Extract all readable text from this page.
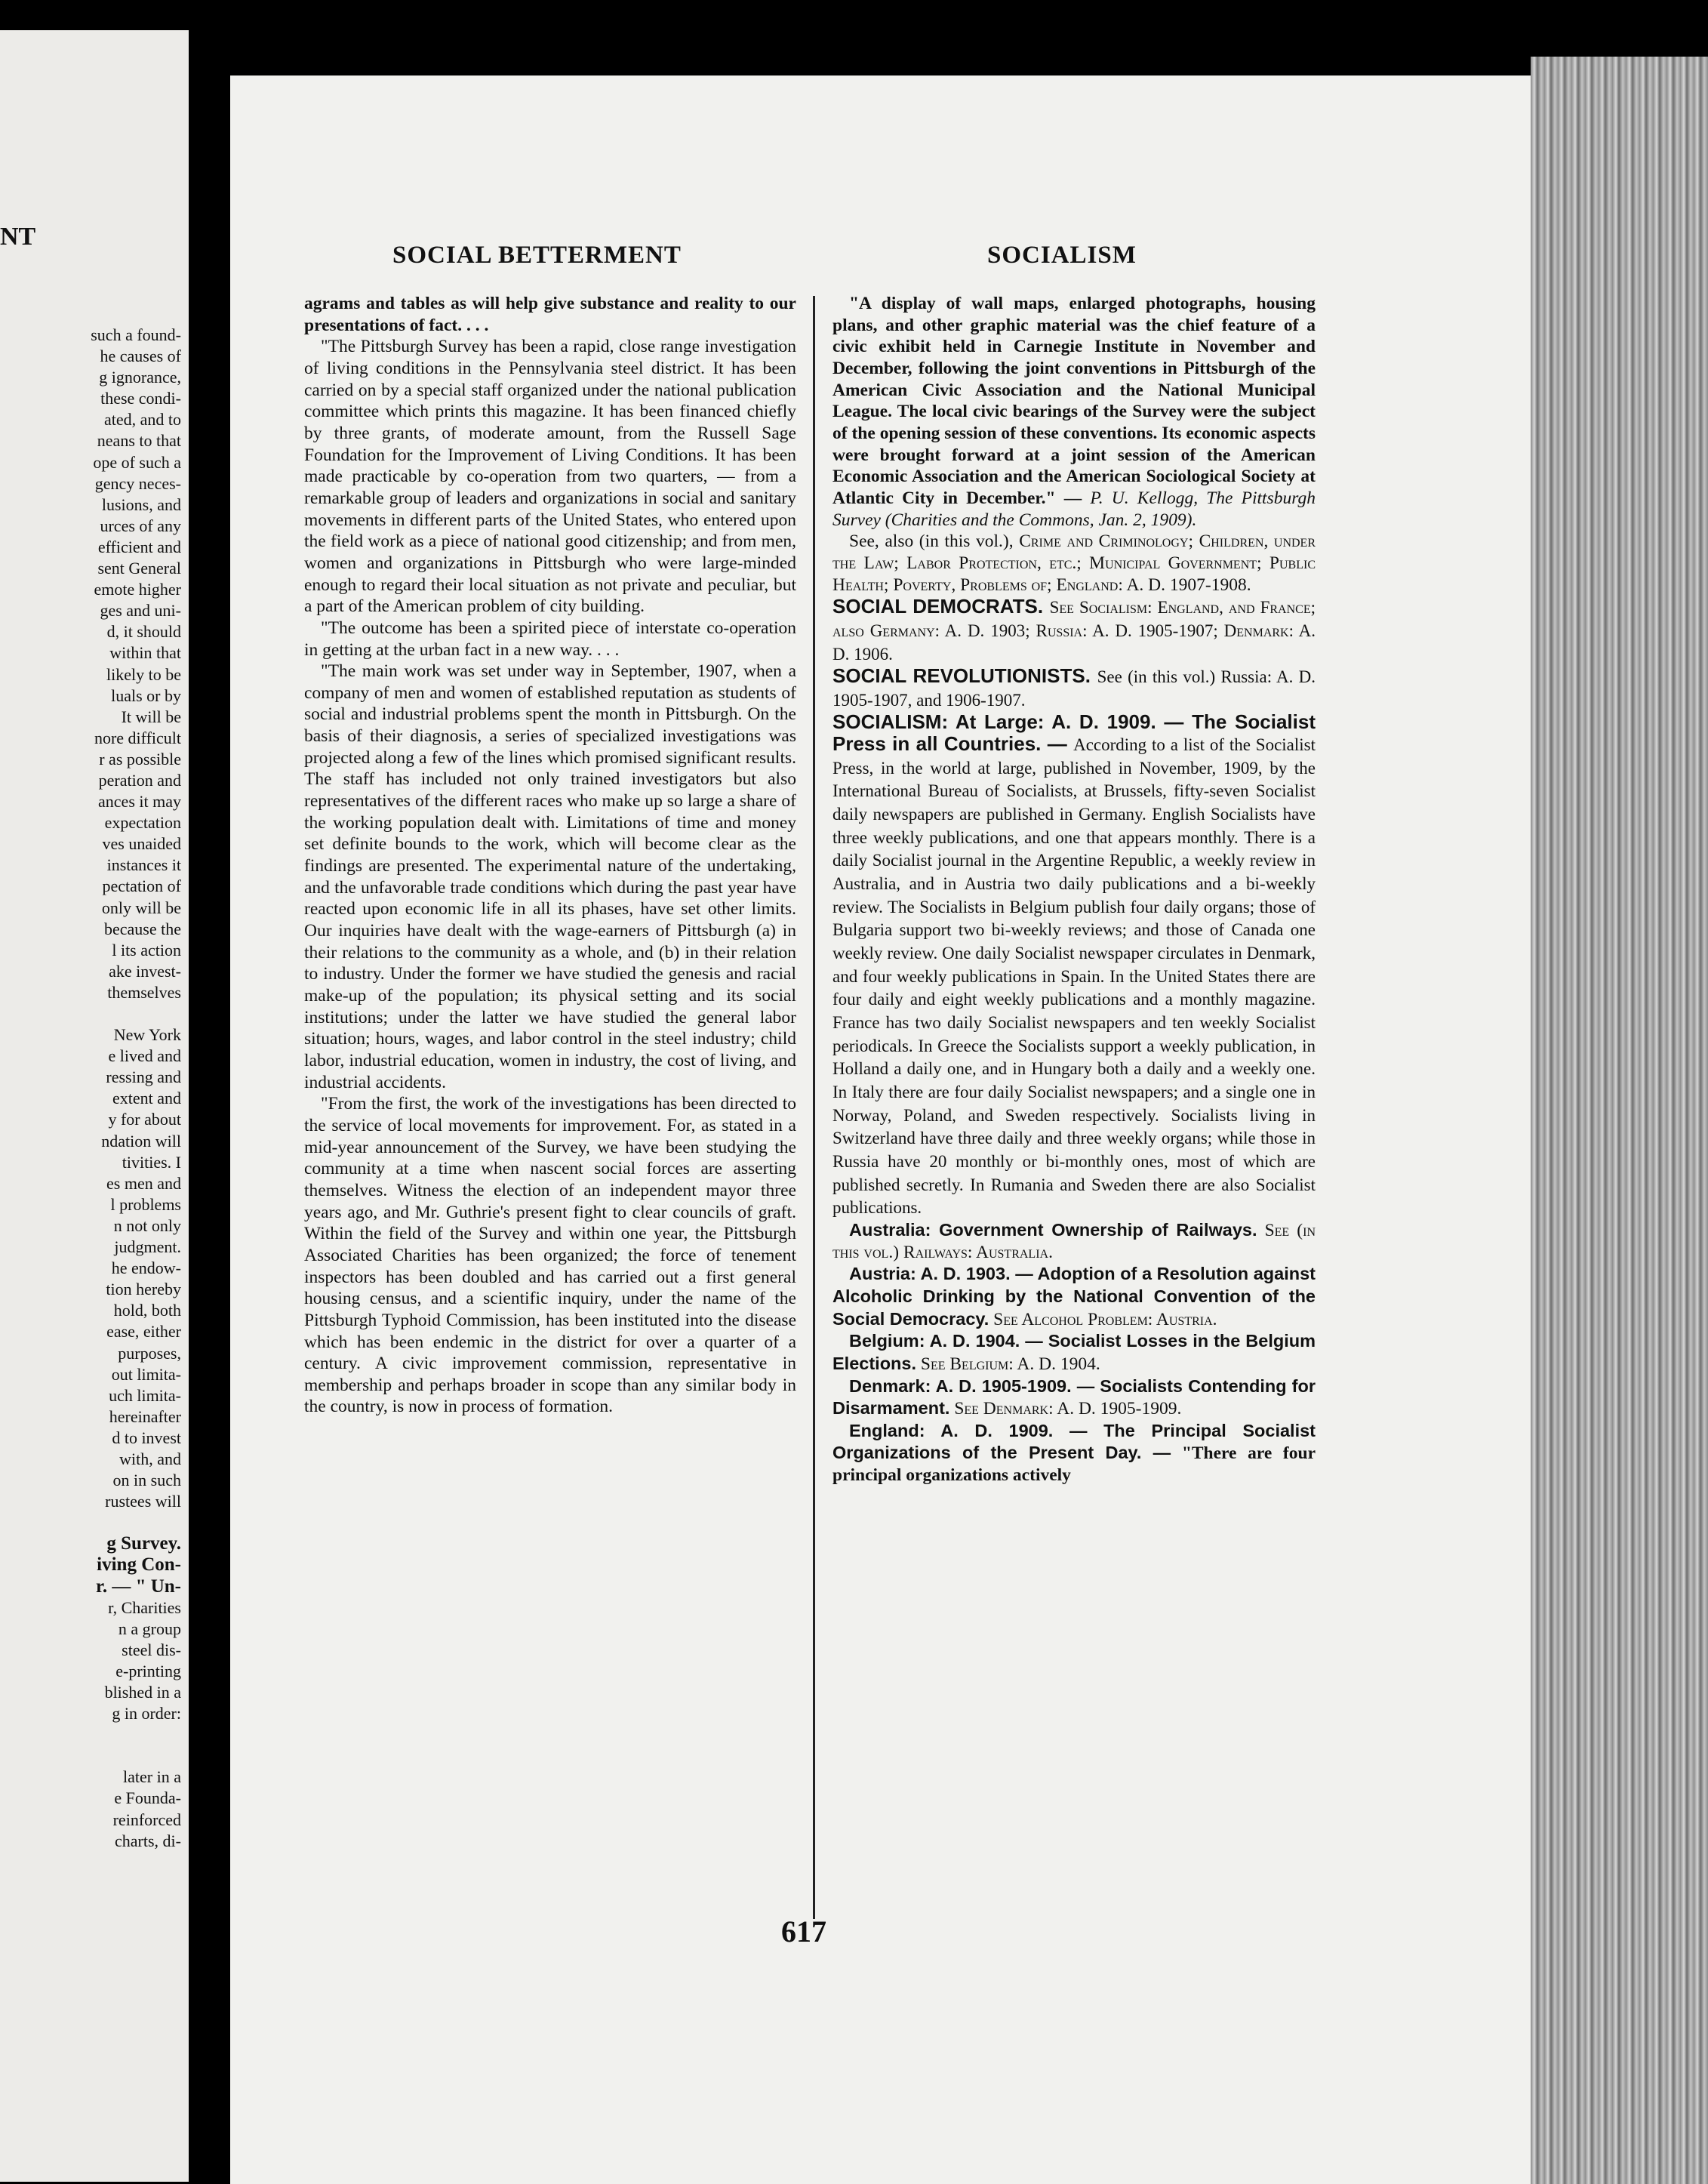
NT
such a found-
he causes of
g ignorance,
these condi-
ated, and to
neans to that
ope of such a
gency neces-
lusions, and
urces of any
efficient and
sent General
emote higher
ges and uni-
d, it should
within that
likely to be
luals or by
It will be
nore difficult
r as possible
peration and
ances it may
expectation
ves unaided
instances it
pectation of
only will be
because the
l its action
ake invest-
themselves

New York
e lived and
ressing and
extent and
y for about
ndation will
tivities. I
es men and
l problems
n not only
judgment.
he endow-
tion hereby
hold, both
ease, either
purposes,
out limita-
uch limita-
hereinafter
d to invest
with, and
on in such
rustees will

g Survey.
iving Con-
r. — " Un-
r, Charities
n a group
steel dis-
e-printing
blished in a
g in order:

later in a
e Founda-
reinforced
charts, di-
SOCIAL BETTERMENT	SOCIALISM

agrams and tables as will help give substance and reality to our presentations of fact. . . .

"The Pittsburgh Survey has been a rapid, close range investigation of living conditions in the Pennsylvania steel district. It has been carried on by a special staff organized under the national publication committee which prints this magazine. It has been financed chiefly by three grants, of moderate amount, from the Russell Sage Foundation for the Improvement of Living Conditions. It has been made practicable by co-operation from two quarters, — from a remarkable group of leaders and organizations in social and sanitary movements in different parts of the United States, who entered upon the field work as a piece of national good citizenship; and from men, women and organizations in Pittsburgh who were large-minded enough to regard their local situation as not private and peculiar, but a part of the American problem of city building.

"The outcome has been a spirited piece of interstate co-operation in getting at the urban fact in a new way. . . .

"The main work was set under way in September, 1907, when a company of men and women of established reputation as students of social and industrial problems spent the month in Pittsburgh. On the basis of their diagnosis, a series of specialized investigations was projected along a few of the lines which promised significant results. The staff has included not only trained investigators but also representatives of the different races who make up so large a share of the working population dealt with. Limitations of time and money set definite bounds to the work, which will become clear as the findings are presented. The experimental nature of the undertaking, and the unfavorable trade conditions which during the past year have reacted upon economic life in all its phases, have set other limits. Our inquiries have dealt with the wage-earners of Pittsburgh (a) in their relations to the community as a whole, and (b) in their relation to industry. Under the former we have studied the genesis and racial make-up of the population; its physical setting and its social institutions; under the latter we have studied the general labor situation; hours, wages, and labor control in the steel industry; child labor, industrial education, women in industry, the cost of living, and industrial accidents.

"From the first, the work of the investigations has been directed to the service of local movements for improvement. For, as stated in a mid-year announcement of the Survey, we have been studying the community at a time when nascent social forces are asserting themselves. Witness the election of an independent mayor three years ago, and Mr. Guthrie's present fight to clear councils of graft. Within the field of the Survey and within one year, the Pittsburgh Associated Charities has been organized; the force of tenement inspectors has been doubled and has carried out a first general housing census, and a scientific inquiry, under the name of the Pittsburgh Typhoid Commission, has been instituted into the disease which has been endemic in the district for over a quarter of a century. A civic improvement commission, representative in membership and perhaps broader in scope than any similar body in the country, is now in process of formation.

"A display of wall maps, enlarged photographs, housing plans, and other graphic material was the chief feature of a civic exhibit held in Carnegie Institute in November and December, following the joint conventions in Pittsburgh of the American Civic Association and the National Municipal League. The local civic bearings of the Survey were the subject of the opening session of these conventions. Its economic aspects were brought forward at a joint session of the American Economic Association and the American Sociological Society at Atlantic City in December." — P. U. Kellogg, The Pittsburgh Survey (Charities and the Commons, Jan. 2, 1909).

See, also (in this vol.), Crime and Criminology; Children, under the Law; Labor Protection, etc.; Municipal Government; Public Health; Poverty, Problems of; England: A. D. 1907-1908.

SOCIAL DEMOCRATS. See Socialism: England, and France; also Germany: A. D. 1903; Russia: A. D. 1905-1907; Denmark: A. D. 1906.

SOCIAL REVOLUTIONISTS. See (in this vol.) Russia: A. D. 1905-1907, and 1906-1907.

SOCIALISM: At Large: A. D. 1909. — The Socialist Press in all Countries. — According to a list of the Socialist Press, in the world at large, published in November, 1909, by the International Bureau of Socialists, at Brussels, fifty-seven Socialist daily newspapers are published in Germany. English Socialists have three weekly publications, and one that appears monthly. There is a daily Socialist journal in the Argentine Republic, a weekly review in Australia, and in Austria two daily publications and a bi-weekly review. The Socialists in Belgium publish four daily organs; those of Bulgaria support two bi-weekly reviews; and those of Canada one weekly review. One daily Socialist newspaper circulates in Denmark, and four weekly publications in Spain. In the United States there are four daily and eight weekly publications and a monthly magazine. France has two daily Socialist newspapers and ten weekly Socialist periodicals. In Greece the Socialists support a weekly publication, in Holland a daily one, and in Hungary both a daily and a weekly one. In Italy there are four daily Socialist newspapers; and a single one in Norway, Poland, and Sweden respectively. Socialists living in Switzerland have three daily and three weekly organs; while those in Russia have 20 monthly or bi-monthly ones, most of which are published secretly. In Rumania and Sweden there are also Socialist publications.

Australia: Government Ownership of Railways. See (in this vol.) Railways: Australia.

Austria: A. D. 1903. — Adoption of a Resolution against Alcoholic Drinking by the National Convention of the Social Democracy. See Alcohol Problem: Austria.

Belgium: A. D. 1904. — Socialist Losses in the Belgium Elections. See Belgium: A. D. 1904.

Denmark: A. D. 1905-1909. — Socialists Contending for Disarmament. See Denmark: A. D. 1905-1909.

England: A. D. 1909. — The Principal Socialist Organizations of the Present Day. — "There are four principal organizations actively

617
